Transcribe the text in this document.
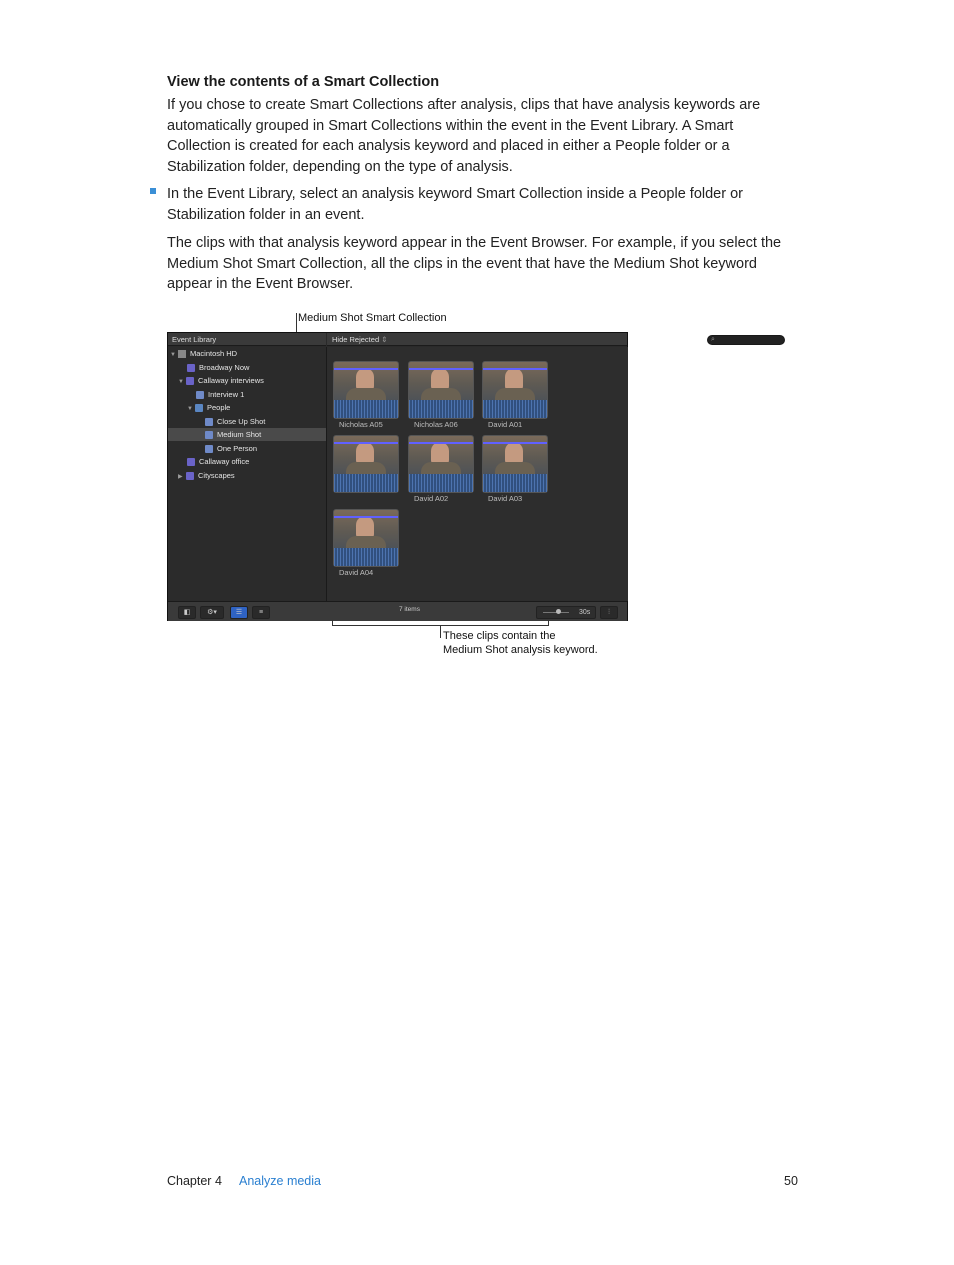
View the contents of a Smart Collection
If you chose to create Smart Collections after analysis, clips that have analysis keywords are automatically grouped in Smart Collections within the event in the Event Library. A Smart Collection is created for each analysis keyword and placed in either a People folder or a Stabilization folder, depending on the type of analysis.
In the Event Library, select an analysis keyword Smart Collection inside a People folder or Stabilization folder in an event.
The clips with that analysis keyword appear in the Event Browser. For example, if you select the Medium Shot Smart Collection, all the clips in the event that have the Medium Shot keyword appear in the Event Browser.
Medium Shot Smart Collection
Event Library	Hide Rejected ⇕	⌕
▼ Macintosh HD
Broadway Now
▼ Callaway interviews
Interview 1
▼ People
Close Up Shot
Medium Shot
One Person
Callaway office
▶ Cityscapes
Nicholas A05	Nicholas A06	David A01
David A02	David A03
David A04
◧	⚙▾	☰	≡	7 items	30s	⫶
These clips contain the
Medium Shot analysis keyword.
Chapter 4 Analyze media	50
